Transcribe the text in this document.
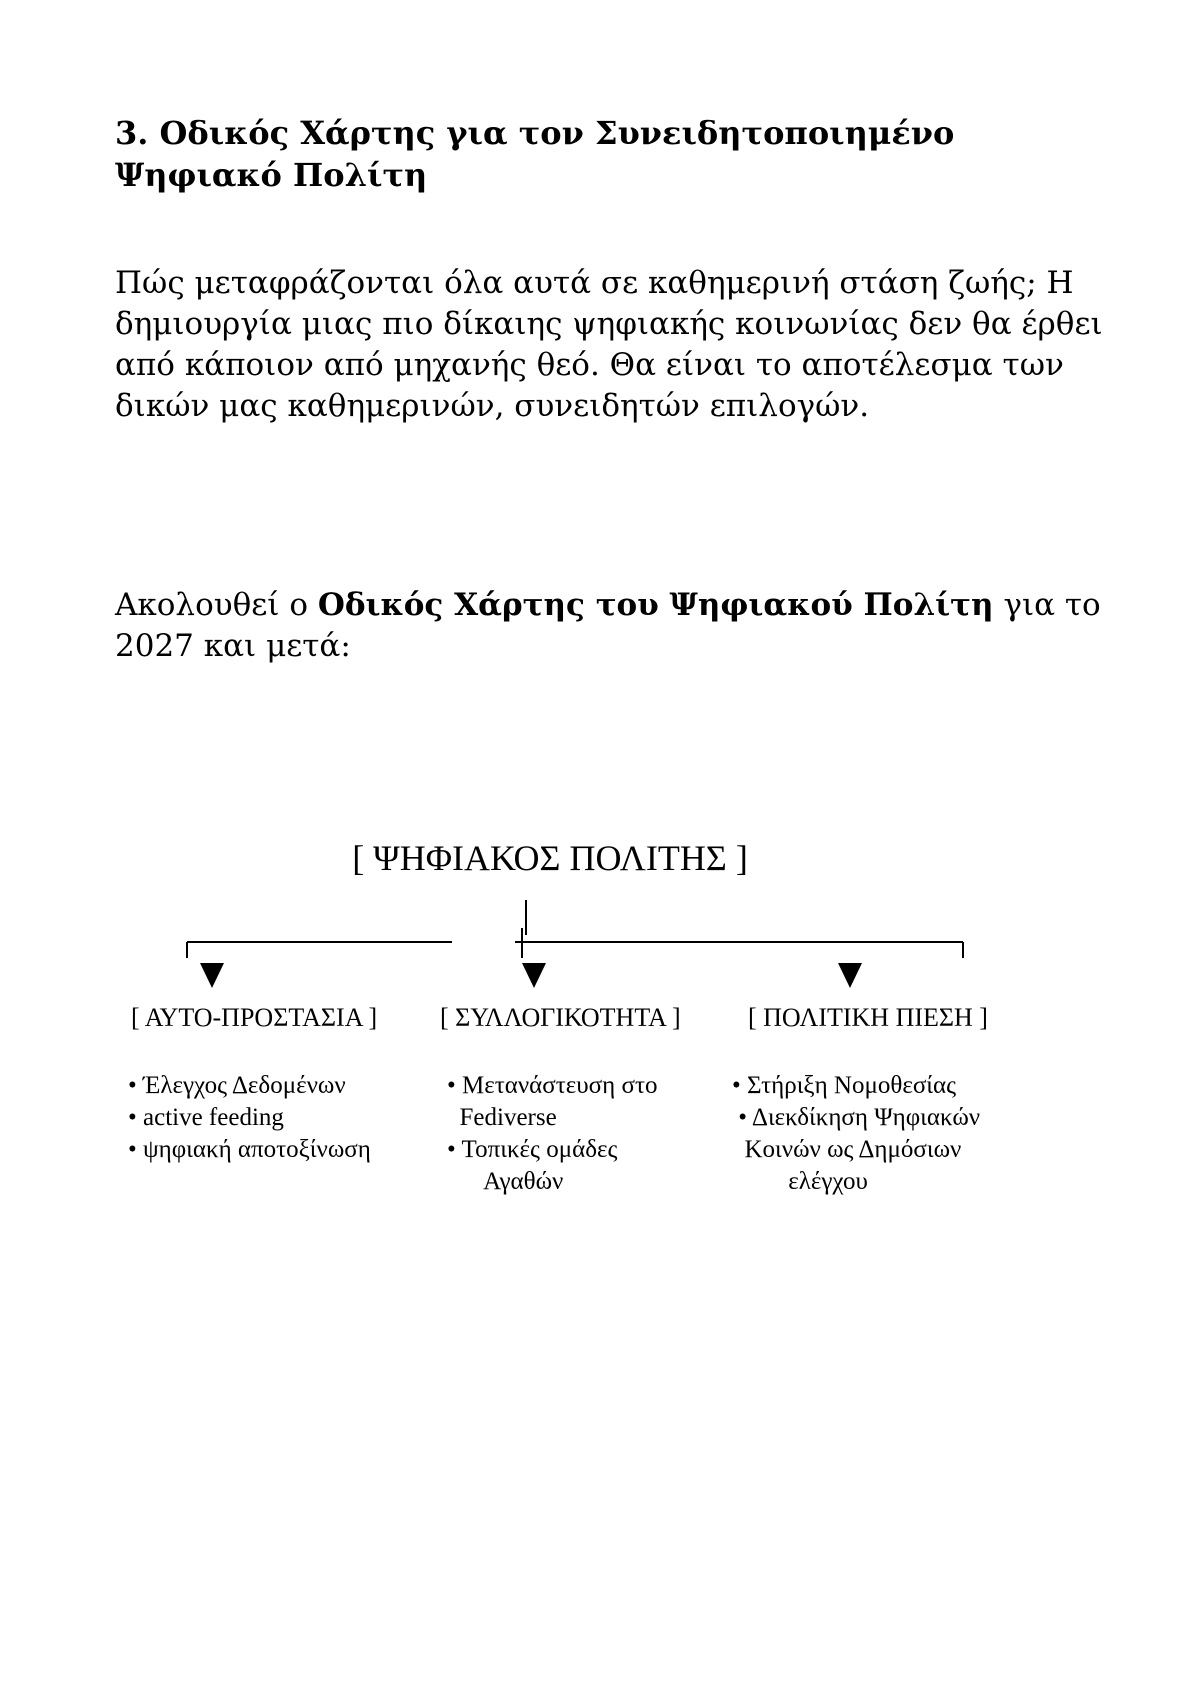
3. Οδικός Χάρτης για τον Συνειδητοποιημένο
Ψηφιακό Πολίτη

Πώς μεταφράζονται όλα αυτά σε καθημερινή στάση ζωής; Η δημιουργία μιας πιο δίκαιης ψηφιακής κοινωνίας δεν θα έρθει από κάποιον από μηχανής θεό. Θα είναι το αποτέλεσμα των δικών μας καθημερινών, συνειδητών επιλογών.

Ακολουθεί ο Οδικός Χάρτης του Ψηφιακού Πολίτη για το 2027 και μετά:

[ ΨΗΦΙΑΚΟΣ ΠΟΛΙΤΗΣ ]
[ ΑΥΤΟ-ΠΡΟΣΤΑΣΙΑ ] [ ΣΥΛΛΟΓΙΚΟΤΗΤΑ ]	[ ΠΟΛΙΤΙΚΗ ΠΙΕΣΗ ]
• Έλεγχος Δεδομένων
• active feeding
• ψηφιακή αποτοξίνωση
• Μετανάστευση στο
Fediverse
• Τοπικές ομάδες
Αγαθών
• Στήριξη Νομοθεσίας
• Διεκδίκηση Ψηφιακών
Κοινών ως Δημόσιων
ελέγχου
